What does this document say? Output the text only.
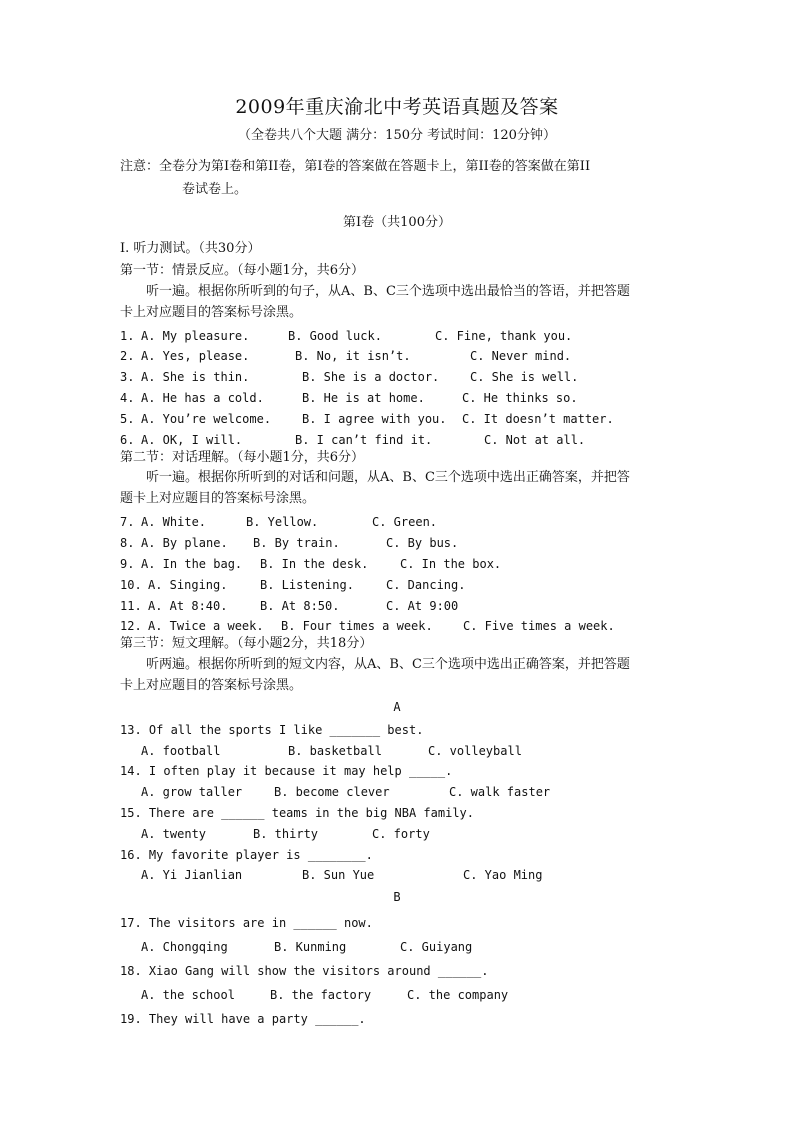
2009年重庆渝北中考英语真题及答案
（全卷共八个大题 满分：150分 考试时间：120分钟）
注意：全卷分为第I卷和第II卷，第I卷的答案做在答题卡上，第II卷的答案做在第II
卷试卷上。
第I卷（共100分）
I. 听力测试。（共30分）
第一节：情景反应。（每小题1分，共6分）
听一遍。根据你所听到的句子，从A、B、C三个选项中选出最恰当的答语，并把答题
卡上对应题目的答案标号涂黑。
1. A. My pleasure.	B. Good luck.	C. Fine, thank you.
2. A. Yes, please.	B. No, it isn’t.	C. Never mind.
3. A. She is thin.	B. She is a doctor.	C. She is well.
4. A. He has a cold.	B. He is at home.	C. He thinks so.
5. A. You’re welcome.	B. I agree with you. C. It doesn’t matter.
6. A. OK, I will.	B. I can’t find it.	C. Not at all.
第二节：对话理解。（每小题1分，共6分）
听一遍。根据你所听到的对话和问题，从A、B、C三个选项中选出正确答案，并把答
题卡上对应题目的答案标号涂黑。
7. A. White.	B. Yellow.	C. Green.
8. A. By plane. B. By train.	C. By bus.
9. A. In the bag. B. In the desk.	C. In the box.
10. A. Singing.	B. Listening.	C. Dancing.
11. A. At 8:40.	B. At 8:50.	C. At 9:00
12. A. Twice a week. B. Four times a week.	C. Five times a week.
第三节：短文理解。（每小题2分，共18分）
听两遍。根据你所听到的短文内容，从A、B、C三个选项中选出正确答案，并把答题
卡上对应题目的答案标号涂黑。
A
13. Of all the sports I like _______ best.
A. football	B. basketball	C. volleyball
14. I often play it because it may help _____.
A. grow taller	B. become clever	C. walk faster
15. There are ______ teams in the big NBA family.
A. twenty	B. thirty	C. forty
16. My favorite player is ________.
A. Yi Jianlian	B. Sun Yue	C. Yao Ming
B
17. The visitors are in ______ now.
A. Chongqing	B. Kunming	C. Guiyang
18. Xiao Gang will show the visitors around ______.
A. the school	B. the factory	C. the company
19. They will have a party ______.
